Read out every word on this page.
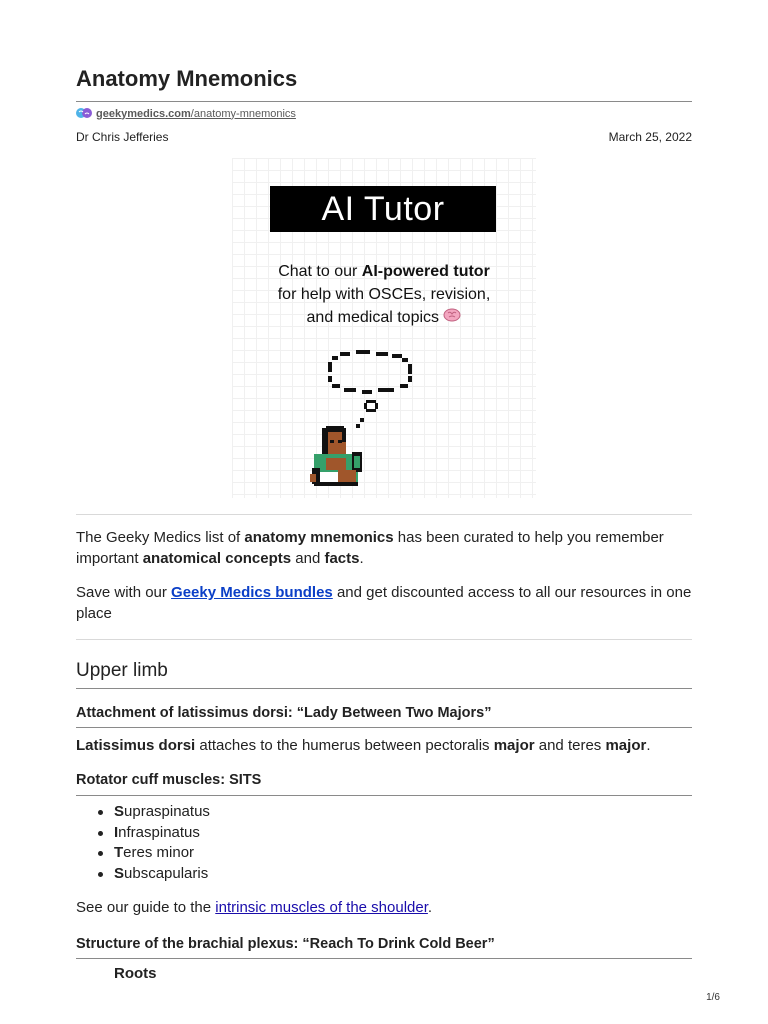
Anatomy Mnemonics
geekymedics.com/anatomy-mnemonics
Dr Chris Jefferies	March 25, 2022
AI Tutor
Chat to our AI-powered tutor
for help with OSCEs, revision,
and medical topics

The Geeky Medics list of anatomy mnemonics has been curated to help you remember important anatomical concepts and facts.

Save with our Geeky Medics bundles and get discounted access to all our resources in one place

Upper limb
Attachment of latissimus dorsi: “Lady Between Two Majors”

Latissimus dorsi attaches to the humerus between pectoralis major and teres major.

Rotator cuff muscles: SITS
Supraspinatus
Infraspinatus
Teres minor
Subscapularis

See our guide to the intrinsic muscles of the shoulder.

Structure of the brachial plexus: “Reach To Drink Cold Beer”
Roots
1/6
